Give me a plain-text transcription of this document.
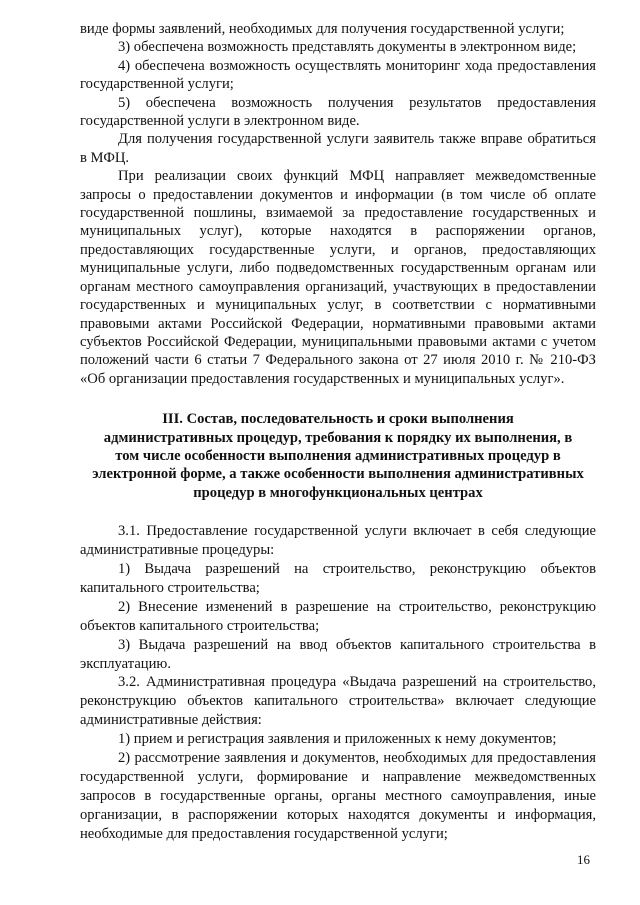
виде формы заявлений, необходимых для получения государственной услуги;

3) обеспечена возможность представлять документы в электронном виде;

4) обеспечена возможность осуществлять мониторинг хода предоставления государственной услуги;

5) обеспечена возможность получения результатов предоставления государственной услуги в электронном виде.

Для получения государственной услуги заявитель также вправе обратиться в МФЦ.

При реализации своих функций МФЦ направляет межведомственные запросы о предоставлении документов и информации (в том числе об оплате государственной пошлины, взимаемой за предоставление государственных и муниципальных услуг), которые находятся в распоряжении органов, предоставляющих государственные услуги, и органов, предоставляющих муниципальные услуги, либо подведомственных государственным органам или органам местного самоуправления организаций, участвующих в предоставлении государственных и муниципальных услуг, в соответствии с нормативными правовыми актами Российской Федерации, нормативными правовыми актами субъектов Российской Федерации, муниципальными правовыми актами с учетом положений части 6 статьи 7 Федерального закона от 27 июля 2010 г. № 210-ФЗ «Об организации предоставления государственных и муниципальных услуг».

III. Состав, последовательность и сроки выполнения

административных процедур, требования к порядку их выполнения, в

том числе особенности выполнения административных процедур в

электронной форме, а также особенности выполнения административных

процедур в многофункциональных центрах

3.1. Предоставление государственной услуги включает в себя следующие административные процедуры:

1) Выдача разрешений на строительство, реконструкцию объектов капитального строительства;

2) Внесение изменений в разрешение на строительство, реконструкцию объектов капитального строительства;

3) Выдача разрешений на ввод объектов капитального строительства в эксплуатацию.

3.2. Административная процедура «Выдача разрешений на строительство, реконструкцию объектов капитального строительства» включает следующие административные действия:

1) прием и регистрация заявления и приложенных к нему документов;

2) рассмотрение заявления и документов, необходимых для предоставления государственной услуги, формирование и направление межведомственных запросов в государственные органы, органы местного самоуправления, иные организации, в распоряжении которых находятся документы и информация, необходимые для предоставления государственной услуги;

16
